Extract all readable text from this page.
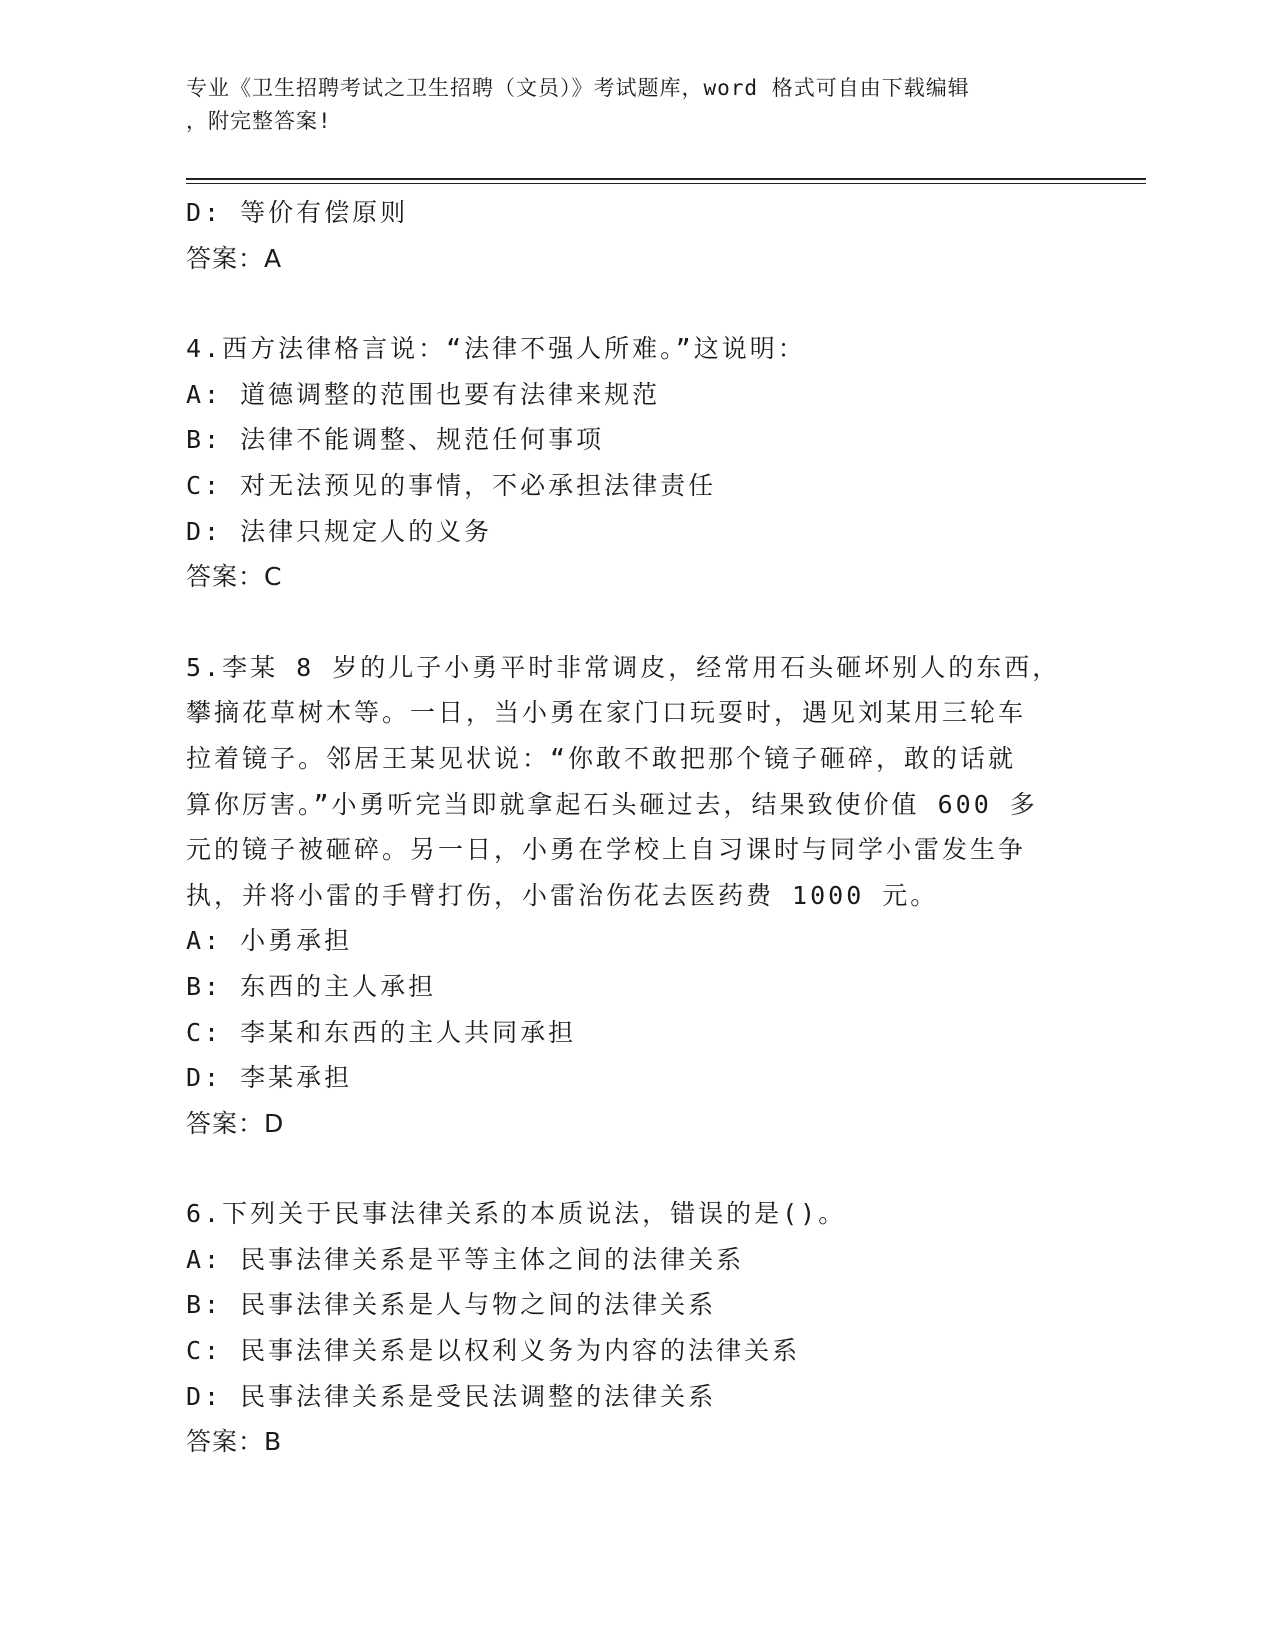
专业《卫生招聘考试之卫生招聘（文员）》考试题库，word 格式可自由下载编辑
，附完整答案!
D: 等价有偿原则
答案：A
4.西方法律格言说：“法律不强人所难。”这说明：
A: 道德调整的范围也要有法律来规范
B: 法律不能调整、规范任何事项
C: 对无法预见的事情，不必承担法律责任
D: 法律只规定人的义务
答案：C
5.李某 8 岁的儿子小勇平时非常调皮，经常用石头砸坏别人的东西，
攀摘花草树木等。一日，当小勇在家门口玩耍时，遇见刘某用三轮车
拉着镜子。邻居王某见状说：“你敢不敢把那个镜子砸碎，敢的话就
算你厉害。”小勇听完当即就拿起石头砸过去，结果致使价值 600 多
元的镜子被砸碎。另一日，小勇在学校上自习课时与同学小雷发生争
执，并将小雷的手臂打伤，小雷治伤花去医药费 1000 元。
A: 小勇承担
B: 东西的主人承担
C: 李某和东西的主人共同承担
D: 李某承担
答案：D
6.下列关于民事法律关系的本质说法，错误的是()。
A: 民事法律关系是平等主体之间的法律关系
B: 民事法律关系是人与物之间的法律关系
C: 民事法律关系是以权利义务为内容的法律关系
D: 民事法律关系是受民法调整的法律关系
答案：B
